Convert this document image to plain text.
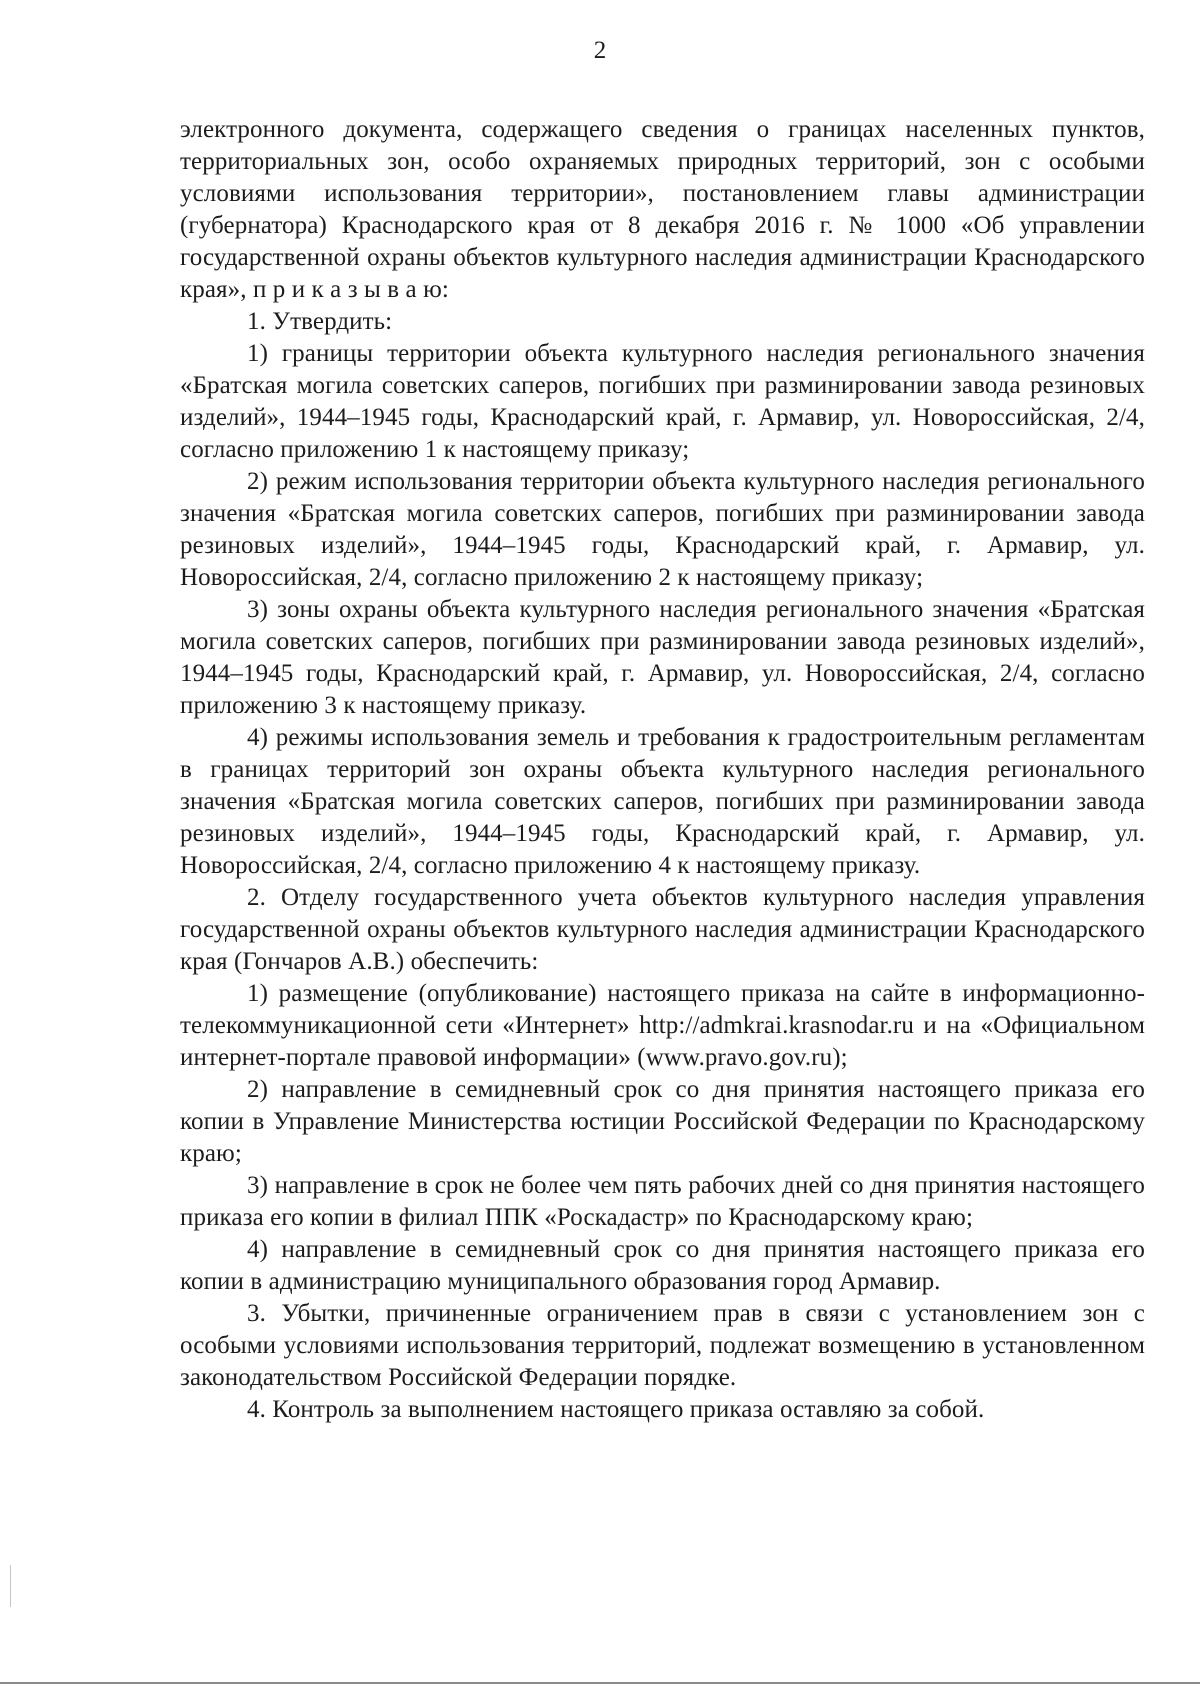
2

электронного документа, содержащего сведения о границах населенных пунктов, территориальных зон, особо охраняемых природных территорий, зон с особыми условиями использования территории», постановлением главы администрации (губернатора) Краснодарского края от 8 декабря 2016 г. № 1000 «Об управлении государственной охраны объектов культурного наследия администрации Краснодарского края», п р и к а з ы в а ю:

1. Утвердить:

1) границы территории объекта культурного наследия регионального значения «Братская могила советских саперов, погибших при разминировании завода резиновых изделий», 1944–1945 годы, Краснодарский край, г. Армавир, ул. Новороссийская, 2/4, согласно приложению 1 к настоящему приказу;

2) режим использования территории объекта культурного наследия регионального значения «Братская могила советских саперов, погибших при разминировании завода резиновых изделий», 1944–1945 годы, Краснодарский край, г. Армавир, ул. Новороссийская, 2/4, согласно приложению 2 к настоящему приказу;

3) зоны охраны объекта культурного наследия регионального значения «Братская могила советских саперов, погибших при разминировании завода резиновых изделий», 1944–1945 годы, Краснодарский край, г. Армавир, ул. Новороссийская, 2/4, согласно приложению 3 к настоящему приказу.

4) режимы использования земель и требования к градостроительным регламентам в границах территорий зон охраны объекта культурного наследия регионального значения «Братская могила советских саперов, погибших при разминировании завода резиновых изделий», 1944–1945 годы, Краснодарский край, г. Армавир, ул. Новороссийская, 2/4, согласно приложению 4 к настоящему приказу.

2. Отделу государственного учета объектов культурного наследия управления государственной охраны объектов культурного наследия администрации Краснодарского края (Гончаров А.В.) обеспечить:

1) размещение (опубликование) настоящего приказа на сайте в информационно-телекоммуникационной сети «Интернет» http://admkrai.krasnodar.ru и на «Официальном интернет-портале правовой информации» (www.pravo.gov.ru);

2) направление в семидневный срок со дня принятия настоящего приказа его копии в Управление Министерства юстиции Российской Федерации по Краснодарскому краю;

3) направление в срок не более чем пять рабочих дней со дня принятия настоящего приказа его копии в филиал ППК «Роскадастр» по Краснодарскому краю;

4) направление в семидневный срок со дня принятия настоящего приказа его копии в администрацию муниципального образования город Армавир.

3. Убытки, причиненные ограничением прав в связи с установлением зон с особыми условиями использования территорий, подлежат возмещению в установленном законодательством Российской Федерации порядке.

4. Контроль за выполнением настоящего приказа оставляю за собой.
